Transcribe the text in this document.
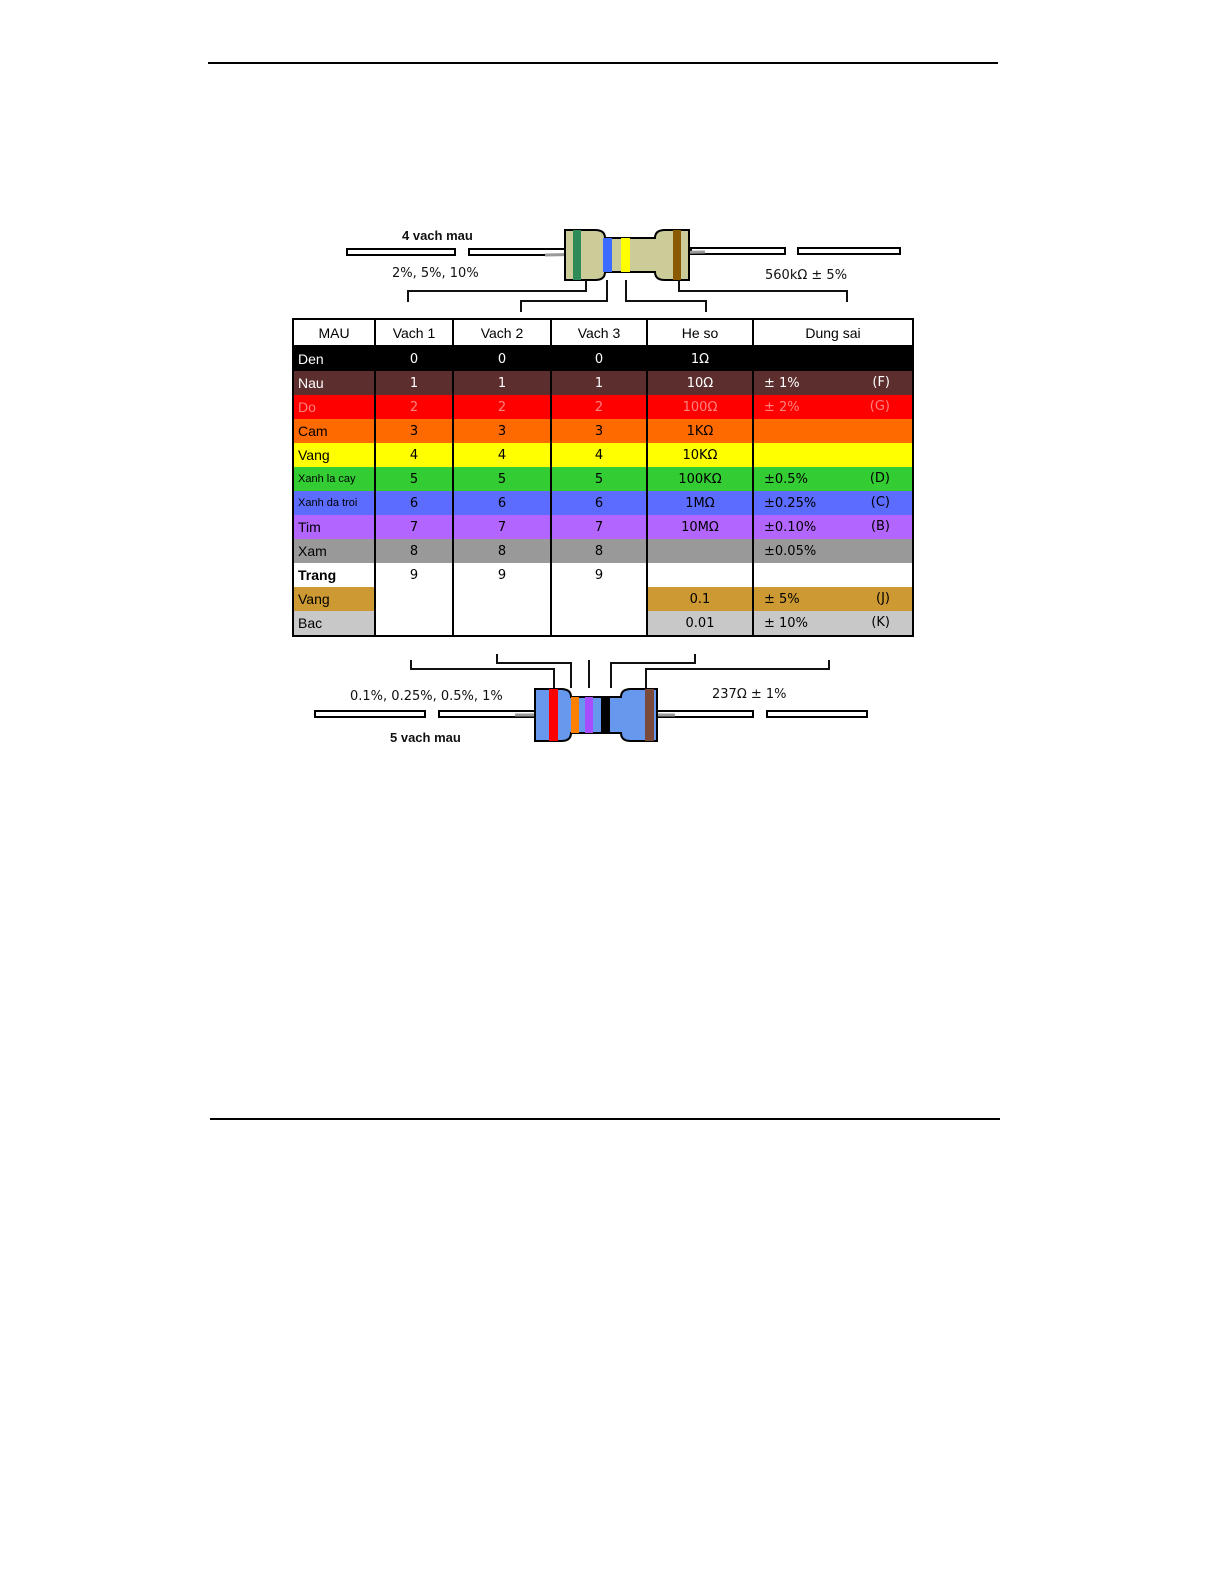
4 vach mau
2%, 5%, 10%	560kΩ ± 5%
MAU	Vach 1	Vach 2	Vach 3	He so	Dung sai
Den	0	0	0	1Ω	

Nau	1	1	1	10Ω	± 1% (F)

Do	2	2	2	100Ω	± 2% (G)

Cam	3	3	3	1KΩ	

Vang	4	4	4	10KΩ	

Xanh la cay	5	5	5	100KΩ	±0.5% (D)

Xanh da troi	6	6	6	1MΩ	±0.25% (C)

Tim	7	7	7	10MΩ	±0.10% (B)

Xam	8	8	8		±0.05%

Trang	9	9	9		

Vang				0.1	± 5% (J)

Bac				0.01	± 10% (K)
0.1%, 0.25%, 0.5%, 1%	237Ω ± 1%
5 vach mau
